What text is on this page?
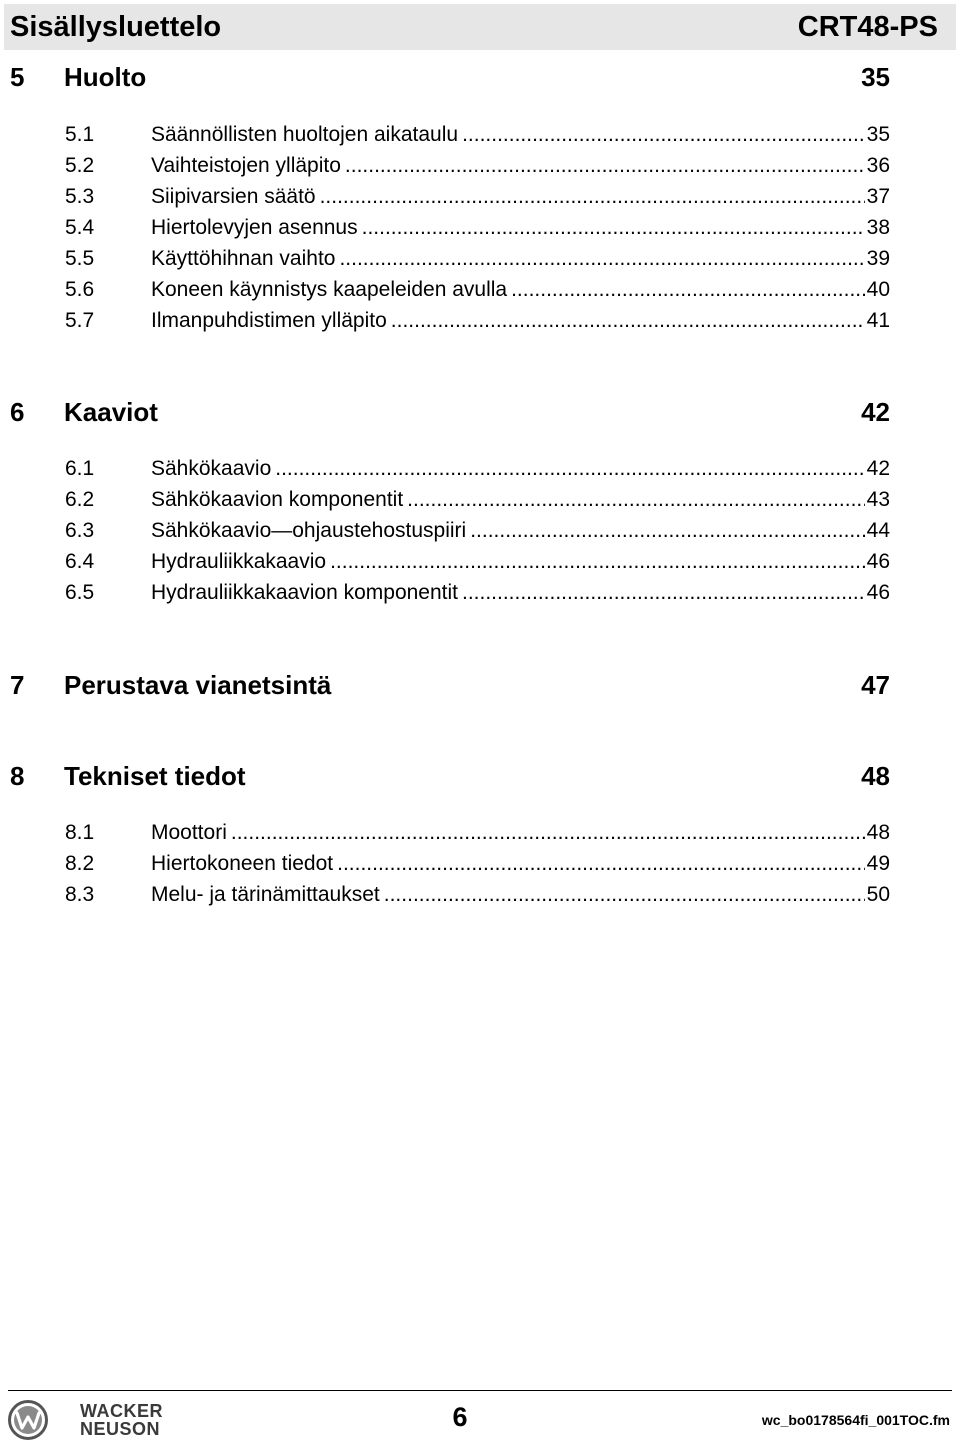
Sisällysluettelo	CRT48-PS
5	Huolto	35
5.1	Säännöllisten huoltojen aikataulu .....	35
5.2	Vaihteistojen ylläpito .....	36
5.3	Siipivarsien säätö .....	37
5.4	Hiertolevyjen asennus .....	38
5.5	Käyttöhihnan vaihto .....	39
5.6	Koneen käynnistys kaapeleiden avulla .....	40
5.7	Ilmanpuhdistimen ylläpito .....	41
6	Kaaviot	42
6.1	Sähkökaavio .....	42
6.2	Sähkökaavion komponentit .....	43
6.3	Sähkökaavio—ohjaustehostuspiiri .....	44
6.4	Hydrauliikkakaavio .....	46
6.5	Hydrauliikkakaavion komponentit .....	46
7	Perustava vianetsintä	47
8	Tekniset tiedot	48
8.1	Moottori .....	48
8.2	Hiertokoneen tiedot .....	49
8.3	Melu- ja tärinämittaukset .....	50
WACKER
NEUSON	6	wc_bo0178564fi_001TOC.fm
